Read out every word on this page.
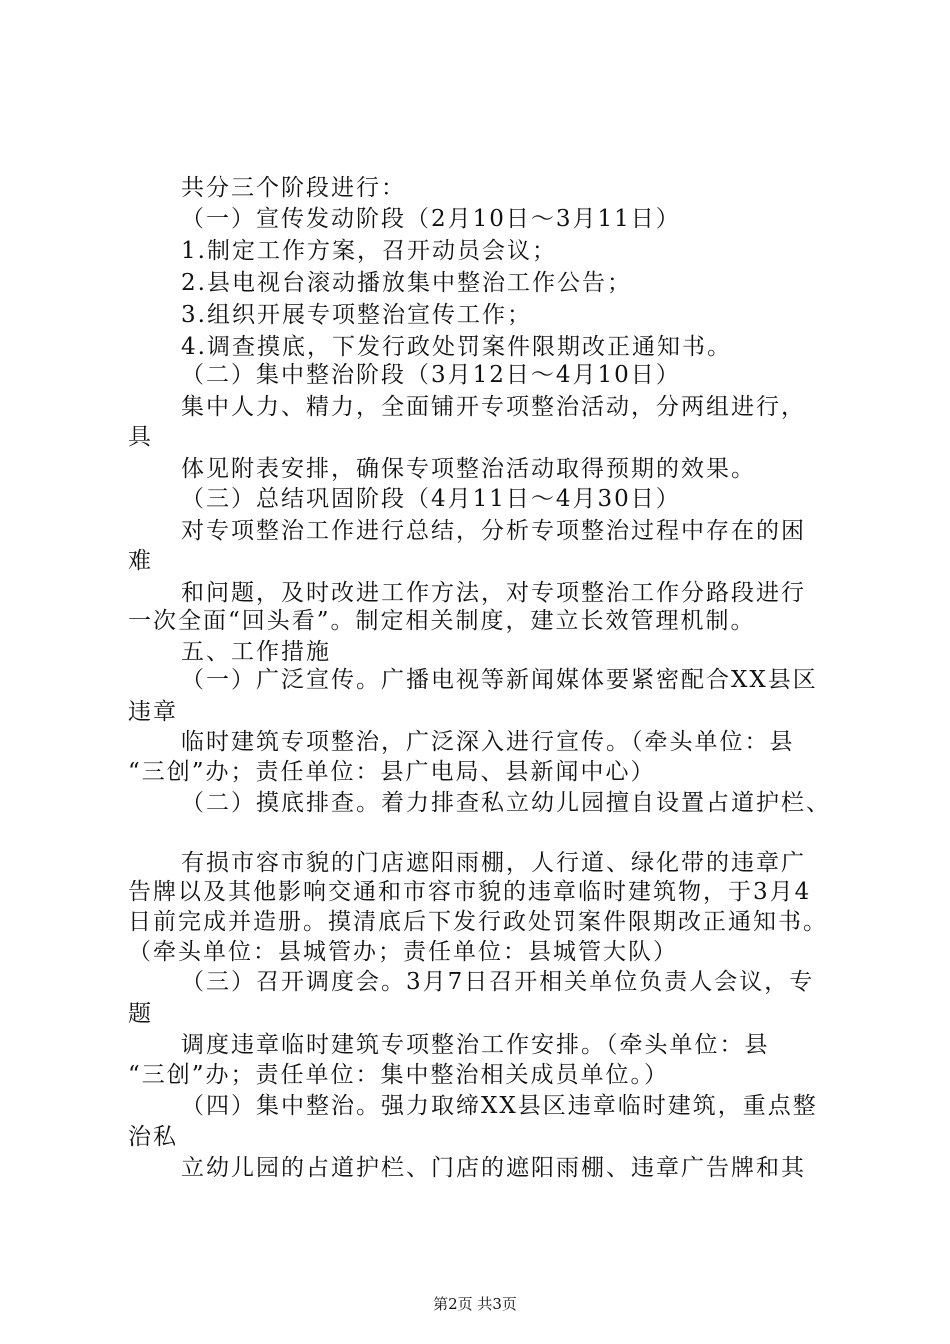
共分三个阶段进行：
（一）宣传发动阶段（2月10日～3月11日）
1.制定工作方案，召开动员会议；
2.县电视台滚动播放集中整治工作公告；
3.组织开展专项整治宣传工作；
4.调查摸底，下发行政处罚案件限期改正通知书。
（二）集中整治阶段（3月12日～4月10日）
集中人力、精力，全面铺开专项整治活动，分两组进行，
具
体见附表安排，确保专项整治活动取得预期的效果。
（三）总结巩固阶段（4月11日～4月30日）
对专项整治工作进行总结，分析专项整治过程中存在的困
难
和问题，及时改进工作方法，对专项整治工作分路段进行
一次全面“回头看”。制定相关制度，建立长效管理机制。
五、工作措施
（一）广泛宣传。广播电视等新闻媒体要紧密配合XX县区
违章
临时建筑专项整治，广泛深入进行宣传。（牵头单位：县
“三创”办；责任单位：县广电局、县新闻中心）
（二）摸底排查。着力排查私立幼儿园擅自设置占道护栏、
有损市容市貌的门店遮阳雨棚，人行道、绿化带的违章广
告牌以及其他影响交通和市容市貌的违章临时建筑物，于3月4
日前完成并造册。摸清底后下发行政处罚案件限期改正通知书。
（牵头单位：县城管办；责任单位：县城管大队）
（三）召开调度会。3月7日召开相关单位负责人会议，专
题
调度违章临时建筑专项整治工作安排。（牵头单位：县
“三创”办；责任单位：集中整治相关成员单位。）
（四）集中整治。强力取缔XX县区违章临时建筑，重点整
治私
立幼儿园的占道护栏、门店的遮阳雨棚、违章广告牌和其
第2页 共3页
